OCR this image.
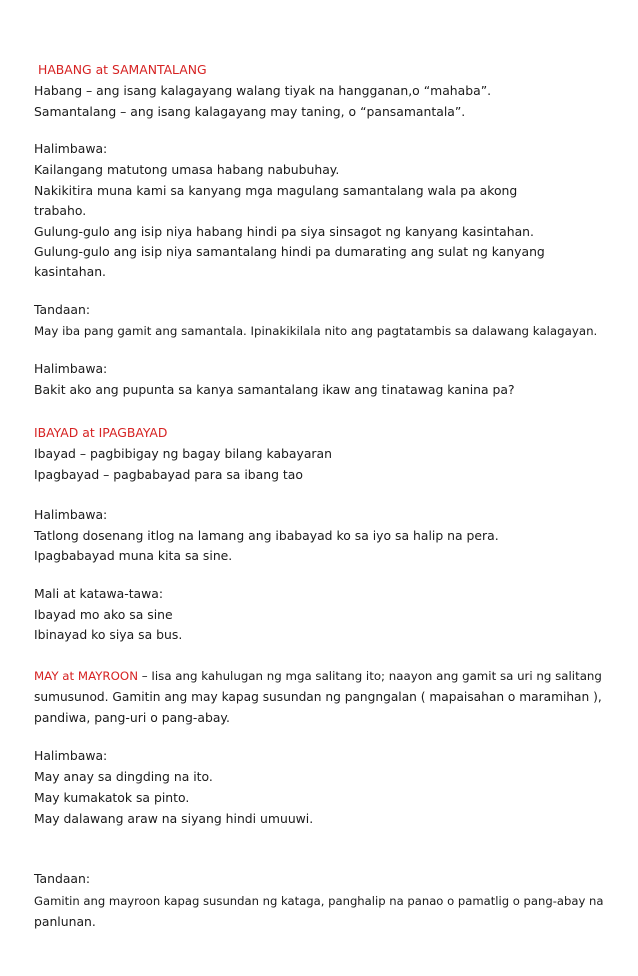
HABANG at SAMANTALANG
Habang – ang isang kalagayang walang tiyak na hangganan,o “mahaba”.
Samantalang – ang isang kalagayang may taning, o “pansamantala”.
Halimbawa:
Kailangang matutong umasa habang nabubuhay.
Nakikitira muna kami sa kanyang mga magulang samantalang wala pa akong
trabaho.
Gulung-gulo ang isip niya habang hindi pa siya sinsagot ng kanyang kasintahan.
Gulung-gulo ang isip niya samantalang hindi pa dumarating ang sulat ng kanyang
kasintahan.
Tandaan:
May iba pang gamit ang samantala. Ipinakikilala nito ang pagtatambis sa dalawang kalagayan.
Halimbawa:
Bakit ako ang pupunta sa kanya samantalang ikaw ang tinatawag kanina pa?
IBAYAD at IPAGBAYAD
Ibayad – pagbibigay ng bagay bilang kabayaran
Ipagbayad – pagbabayad para sa ibang tao
Halimbawa:
Tatlong dosenang itlog na lamang ang ibabayad ko sa iyo sa halip na pera.
Ipagbabayad muna kita sa sine.
Mali at katawa-tawa:
Ibayad mo ako sa sine
Ibinayad ko siya sa bus.
MAY at MAYROON – Iisa ang kahulugan ng mga salitang ito; naayon ang gamit sa uri ng salitang
sumusunod. Gamitin ang may kapag susundan ng pangngalan ( mapaisahan o maramihan ),
pandiwa, pang-uri o pang-abay.
Halimbawa:
May anay sa dingding na ito.
May kumakatok sa pinto.
May dalawang araw na siyang hindi umuuwi.
Tandaan:
Gamitin ang mayroon kapag susundan ng kataga, panghalip na panao o pamatlig o pang-abay na
panlunan.
